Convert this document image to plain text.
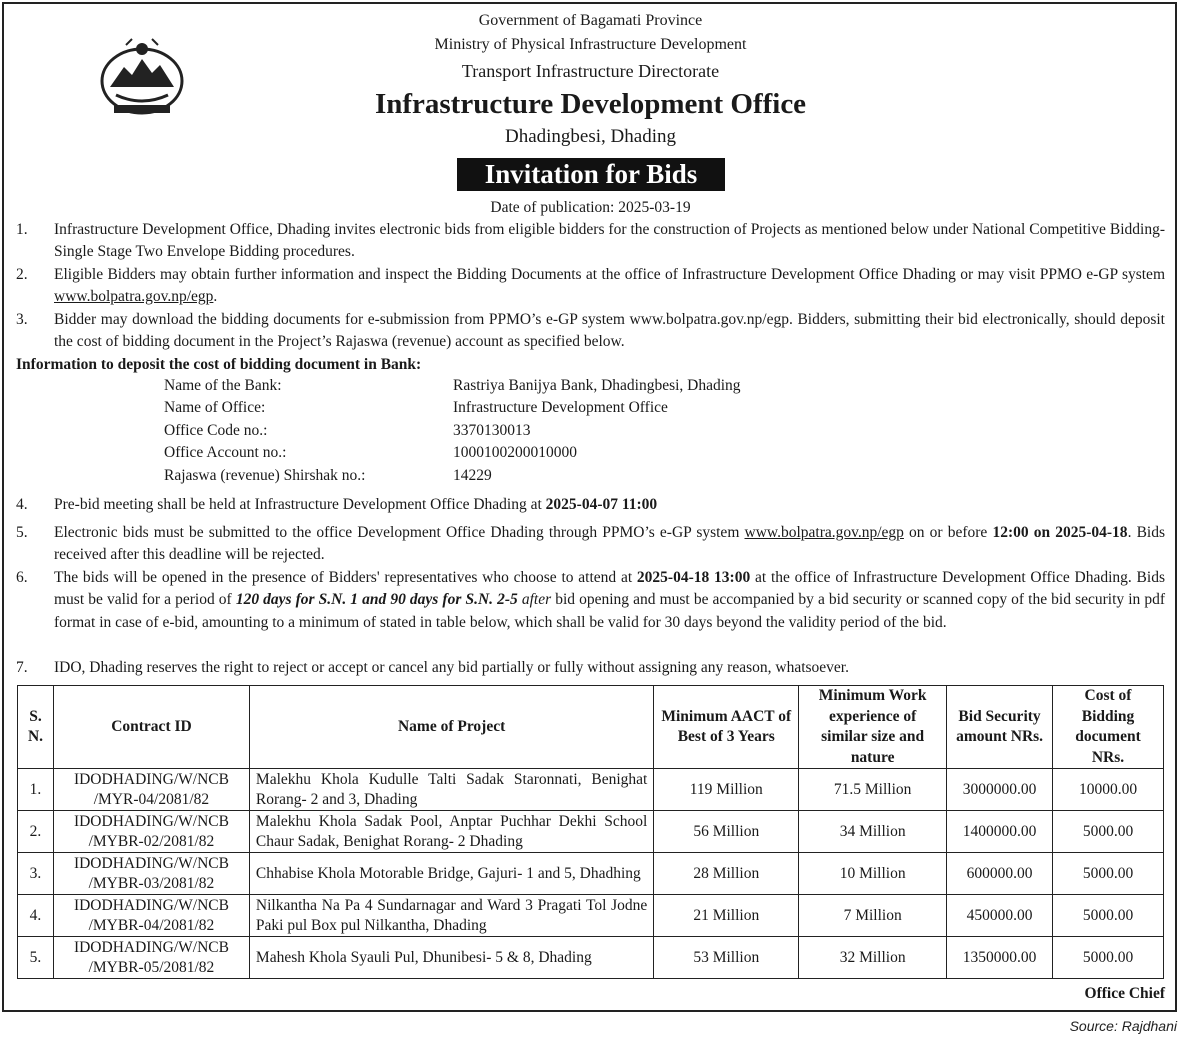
Government of Bagamati Province
Ministry of Physical Infrastructure Development
Transport Infrastructure Directorate
Infrastructure Development Office
Dhadingbesi, Dhading
Invitation for Bids
Date of publication: 2025-03-19
1. Infrastructure Development Office, Dhading invites electronic bids from eligible bidders for the construction of Projects as mentioned below under National Competitive Bidding- Single Stage Two Envelope Bidding procedures.
2. Eligible Bidders may obtain further information and inspect the Bidding Documents at the office of Infrastructure Development Office Dhading or may visit PPMO e-GP system www.bolpatra.gov.np/egp.
3. Bidder may download the bidding documents for e-submission from PPMO’s e-GP system www.bolpatra.gov.np/egp. Bidders, submitting their bid electronically, should deposit the cost of bidding document in the Project’s Rajaswa (revenue) account as specified below.
Information to deposit the cost of bidding document in Bank:
Name of the Bank:	Rastriya Banijya Bank, Dhadingbesi, Dhading
Name of Office:	Infrastructure Development Office
Office Code no.:	3370130013
Office Account no.:	1000100200010000
Rajaswa (revenue) Shirshak no.:	14229
4. Pre-bid meeting shall be held at Infrastructure Development Office Dhading at 2025-04-07 11:00
5. Electronic bids must be submitted to the office Development Office Dhading through PPMO’s e-GP system www.bolpatra.gov.np/egp on or before 12:00 on 2025-04-18. Bids received after this deadline will be rejected.
6. The bids will be opened in the presence of Bidders' representatives who choose to attend at 2025-04-18 13:00 at the office of Infrastructure Development Office Dhading. Bids must be valid for a period of 120 days for S.N. 1 and 90 days for S.N. 2-5 after bid opening and must be accompanied by a bid security or scanned copy of the bid security in pdf format in case of e-bid, amounting to a minimum of stated in table below, which shall be valid for 30 days beyond the validity period of the bid.
7. IDO, Dhading reserves the right to reject or accept or cancel any bid partially or fully without assigning any reason, whatsoever.
S. N.	Contract ID	Name of Project	Minimum AACT of Best of 3 Years	Minimum Work experience of similar size and nature	Bid Security amount NRs.	Cost of Bidding document NRs.
1.	IDODHADING/W/NCB /MYR-04/2081/82	Malekhu Khola Kudulle Talti Sadak Staronnati, Benighat Rorang- 2 and 3, Dhading	119 Million	71.5 Million	3000000.00	10000.00
2.	IDODHADING/W/NCB /MYBR-02/2081/82	Malekhu Khola Sadak Pool, Anptar Puchhar Dekhi School Chaur Sadak, Benighat Rorang- 2 Dhading	56 Million	34 Million	1400000.00	5000.00
3.	IDODHADING/W/NCB /MYBR-03/2081/82	Chhabise Khola Motorable Bridge, Gajuri- 1 and 5, Dhadhing	28 Million	10 Million	600000.00	5000.00
4.	IDODHADING/W/NCB /MYBR-04/2081/82	Nilkantha Na Pa 4 Sundarnagar and Ward 3 Pragati Tol Jodne Paki pul Box pul Nilkantha, Dhading	21 Million	7 Million	450000.00	5000.00
5.	IDODHADING/W/NCB /MYBR-05/2081/82	Mahesh Khola Syauli Pul, Dhunibesi- 5 & 8, Dhading	53 Million	32 Million	1350000.00	5000.00
Office Chief
Source: Rajdhani
